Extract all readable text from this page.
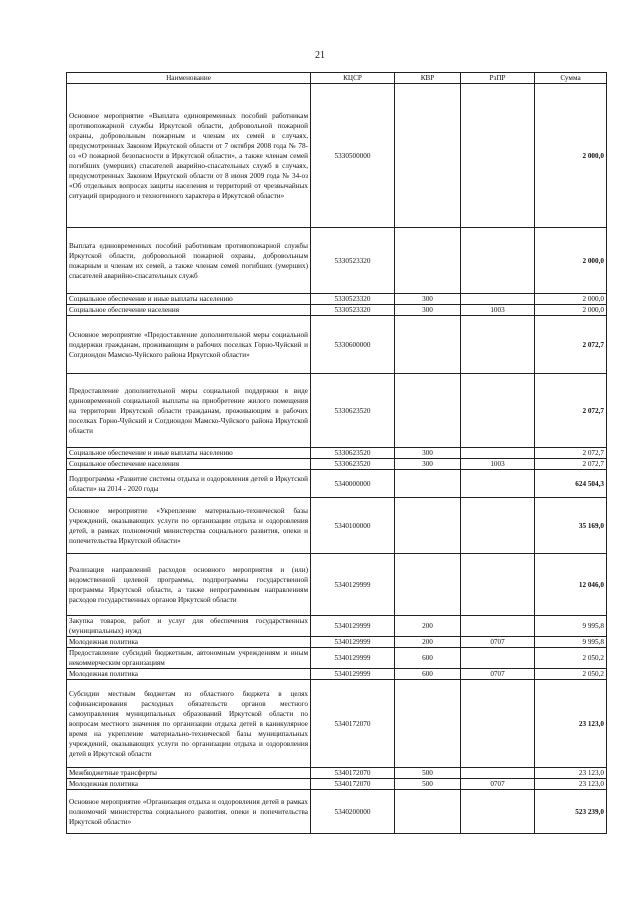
21
Наименование	КЦСР	КВР	РзПР	Сумма
Основное мероприятие «Выплата единовременных пособий работникам противопожарной службы Иркутской области, добровольной пожарной охраны, добровольным пожарным и членам их семей в случаях, предусмотренных Законом Иркутской области от 7 октября 2008 года № 78-оз «О пожарной безопасности в Иркутской области», а также членам семей погибших (умерших) спасателей аварийно-спасательных служб в случаях, предусмотренных Законом Иркутской области от 8 июня 2009 года № 34-оз «Об отдельных вопросах защиты населения и территорий от чрезвычайных ситуаций природного и техногенного характера в Иркутской области»	5330500000			2 000,0
Выплата единовременных пособий работникам противопожарной службы Иркутской области, добровольной пожарной охраны, добровольным пожарным и членам их семей, а также членам семей погибших (умерших) спасателей аварийно-спасательных служб	5330523320			2 000,0
Социальное обеспечение и иные выплаты населению	5330523320	300		2 000,0
Социальное обеспечение населения	5330523320	300	1003	2 000,0
Основное мероприятие «Предоставление дополнительной меры социальной поддержки гражданам, проживающим в рабочих поселках Горно-Чуйский и Согдиондон Мамско-Чуйского района Иркутской области»	5330600000			2 072,7
Предоставление дополнительной меры социальной поддержки в виде единовременной социальной выплаты на приобретение жилого помещения на территории Иркутской области гражданам, проживающим в рабочих поселках Горно-Чуйский и Согдиондон Мамско-Чуйского района Иркутской области	5330623520			2 072,7
Социальное обеспечение и иные выплаты населению	5330623520	300		2 072,7
Социальное обеспечение населения	5330623520	300	1003	2 072,7
Подпрограмма «Развитие системы отдыха и оздоровления детей в Иркутской области» на 2014 - 2020 годы	5340000000			624 504,3
Основное мероприятие «Укрепление материально-технической базы учреждений, оказывающих услуги по организации отдыха и оздоровления детей, в рамках полномочий министерства социального развития, опеки и попечительства Иркутской области»	5340100000			35 169,0
Реализация направлений расходов основного мероприятия и (или) ведомственной целевой программы, подпрограммы государственной программы Иркутской области, а также непрограммным направлениям расходов государственных органов Иркутской области	5340129999			12 046,0
Закупка товаров, работ и услуг для обеспечения государственных (муниципальных) нужд	5340129999	200		9 995,8
Молодежная политика	5340129999	200	0707	9 995,8
Предоставление субсидий бюджетным, автономным учреждениям и иным некоммерческим организациям	5340129999	600		2 050,2
Молодежная политика	5340129999	600	0707	2 050,2
Субсидии местным бюджетам из областного бюджета в целях софинансирования расходных обязательств органов местного самоуправления муниципальных образований Иркутской области по вопросам местного значения по организации отдыха детей в каникулярное время на укрепление материально-технической базы муниципальных учреждений, оказывающих услуги по организации отдыха и оздоровления детей в Иркутской области	5340172070			23 123,0
Межбюджетные трансферты	5340172070	500		23 123,0
Молодежная политика	5340172070	500	0707	23 123,0
Основное мероприятие «Организация отдыха и оздоровления детей в рамках полномочий министерства социального развития, опеки и попечительства Иркутской области»	5340200000			523 239,0
